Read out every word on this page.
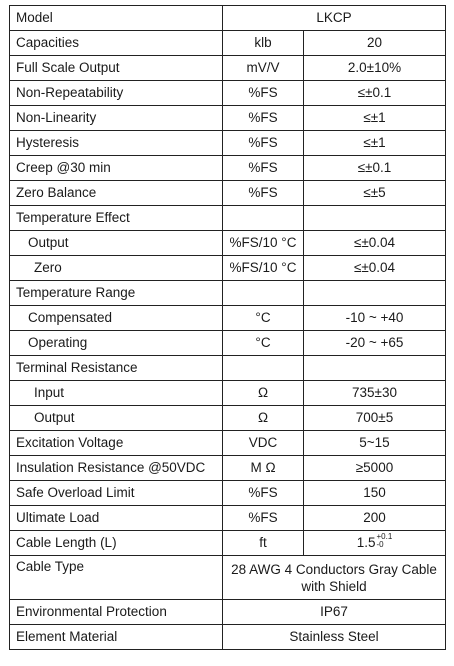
Model	LKCP	
Capacities	klb	20
Full Scale Output	mV/V	2.0±10%
Non-Repeatability	%FS	≤±0.1
Non-Linearity	%FS	≤±1
Hysteresis	%FS	≤±1
Creep @30 min	%FS	≤±0.1
Zero Balance	%FS	≤±5
Temperature Effect		
Output	%FS/10 °C	≤±0.04
Zero	%FS/10 °C	≤±0.04
Temperature Range		
Compensated	°C	-10 ~ +40
Operating	°C	-20 ~ +65
Terminal Resistance		
Input	Ω	735±30
Output	Ω	700±5
Excitation Voltage	VDC	5~15
Insulation Resistance @50VDC	M Ω	≥5000
Safe Overload Limit	%FS	150
Ultimate Load	%FS	200
Cable Length (L)	ft	1.5 +0.1
-0

Cable Type	28 AWG 4 Conductors Gray Cable with Shield	
Environmental Protection	IP67	
Element Material	Stainless Steel	
